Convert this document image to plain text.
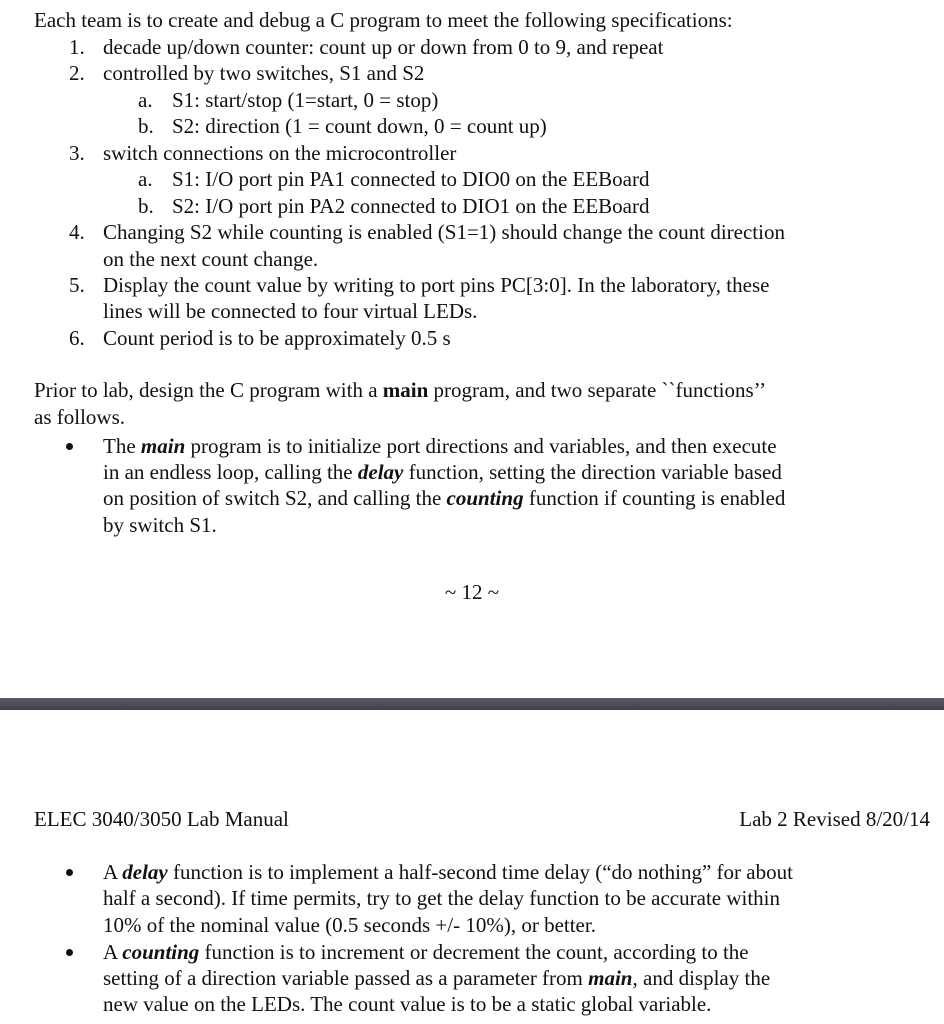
Each team is to create and debug a C program to meet the following specifications:
1. decade up/down counter: count up or down from 0 to 9, and repeat
2. controlled by two switches, S1 and S2
a. S1: start/stop (1=start, 0 = stop)
b. S2: direction (1 = count down, 0 = count up)
3. switch connections on the microcontroller
a. S1: I/O port pin PA1 connected to DIO0 on the EEBoard
b. S2: I/O port pin PA2 connected to DIO1 on the EEBoard
4. Changing S2 while counting is enabled (S1=1) should change the count direction
on the next count change.
5. Display the count value by writing to port pins PC[3:0]. In the laboratory, these
lines will be connected to four virtual LEDs.
6. Count period is to be approximately 0.5 s
Prior to lab, design the C program with a main program, and two separate ``functions’’
as follows.
The main program is to initialize port directions and variables, and then execute
in an endless loop, calling the delay function, setting the direction variable based
on position of switch S2, and calling the counting function if counting is enabled
by switch S1.
~ 12 ~
ELEC 3040/3050 Lab Manual	Lab 2 Revised 8/20/14
A delay function is to implement a half-second time delay (“do nothing” for about
half a second). If time permits, try to get the delay function to be accurate within
10% of the nominal value (0.5 seconds +/- 10%), or better.
A counting function is to increment or decrement the count, according to the
setting of a direction variable passed as a parameter from main, and display the
new value on the LEDs. The count value is to be a static global variable.
